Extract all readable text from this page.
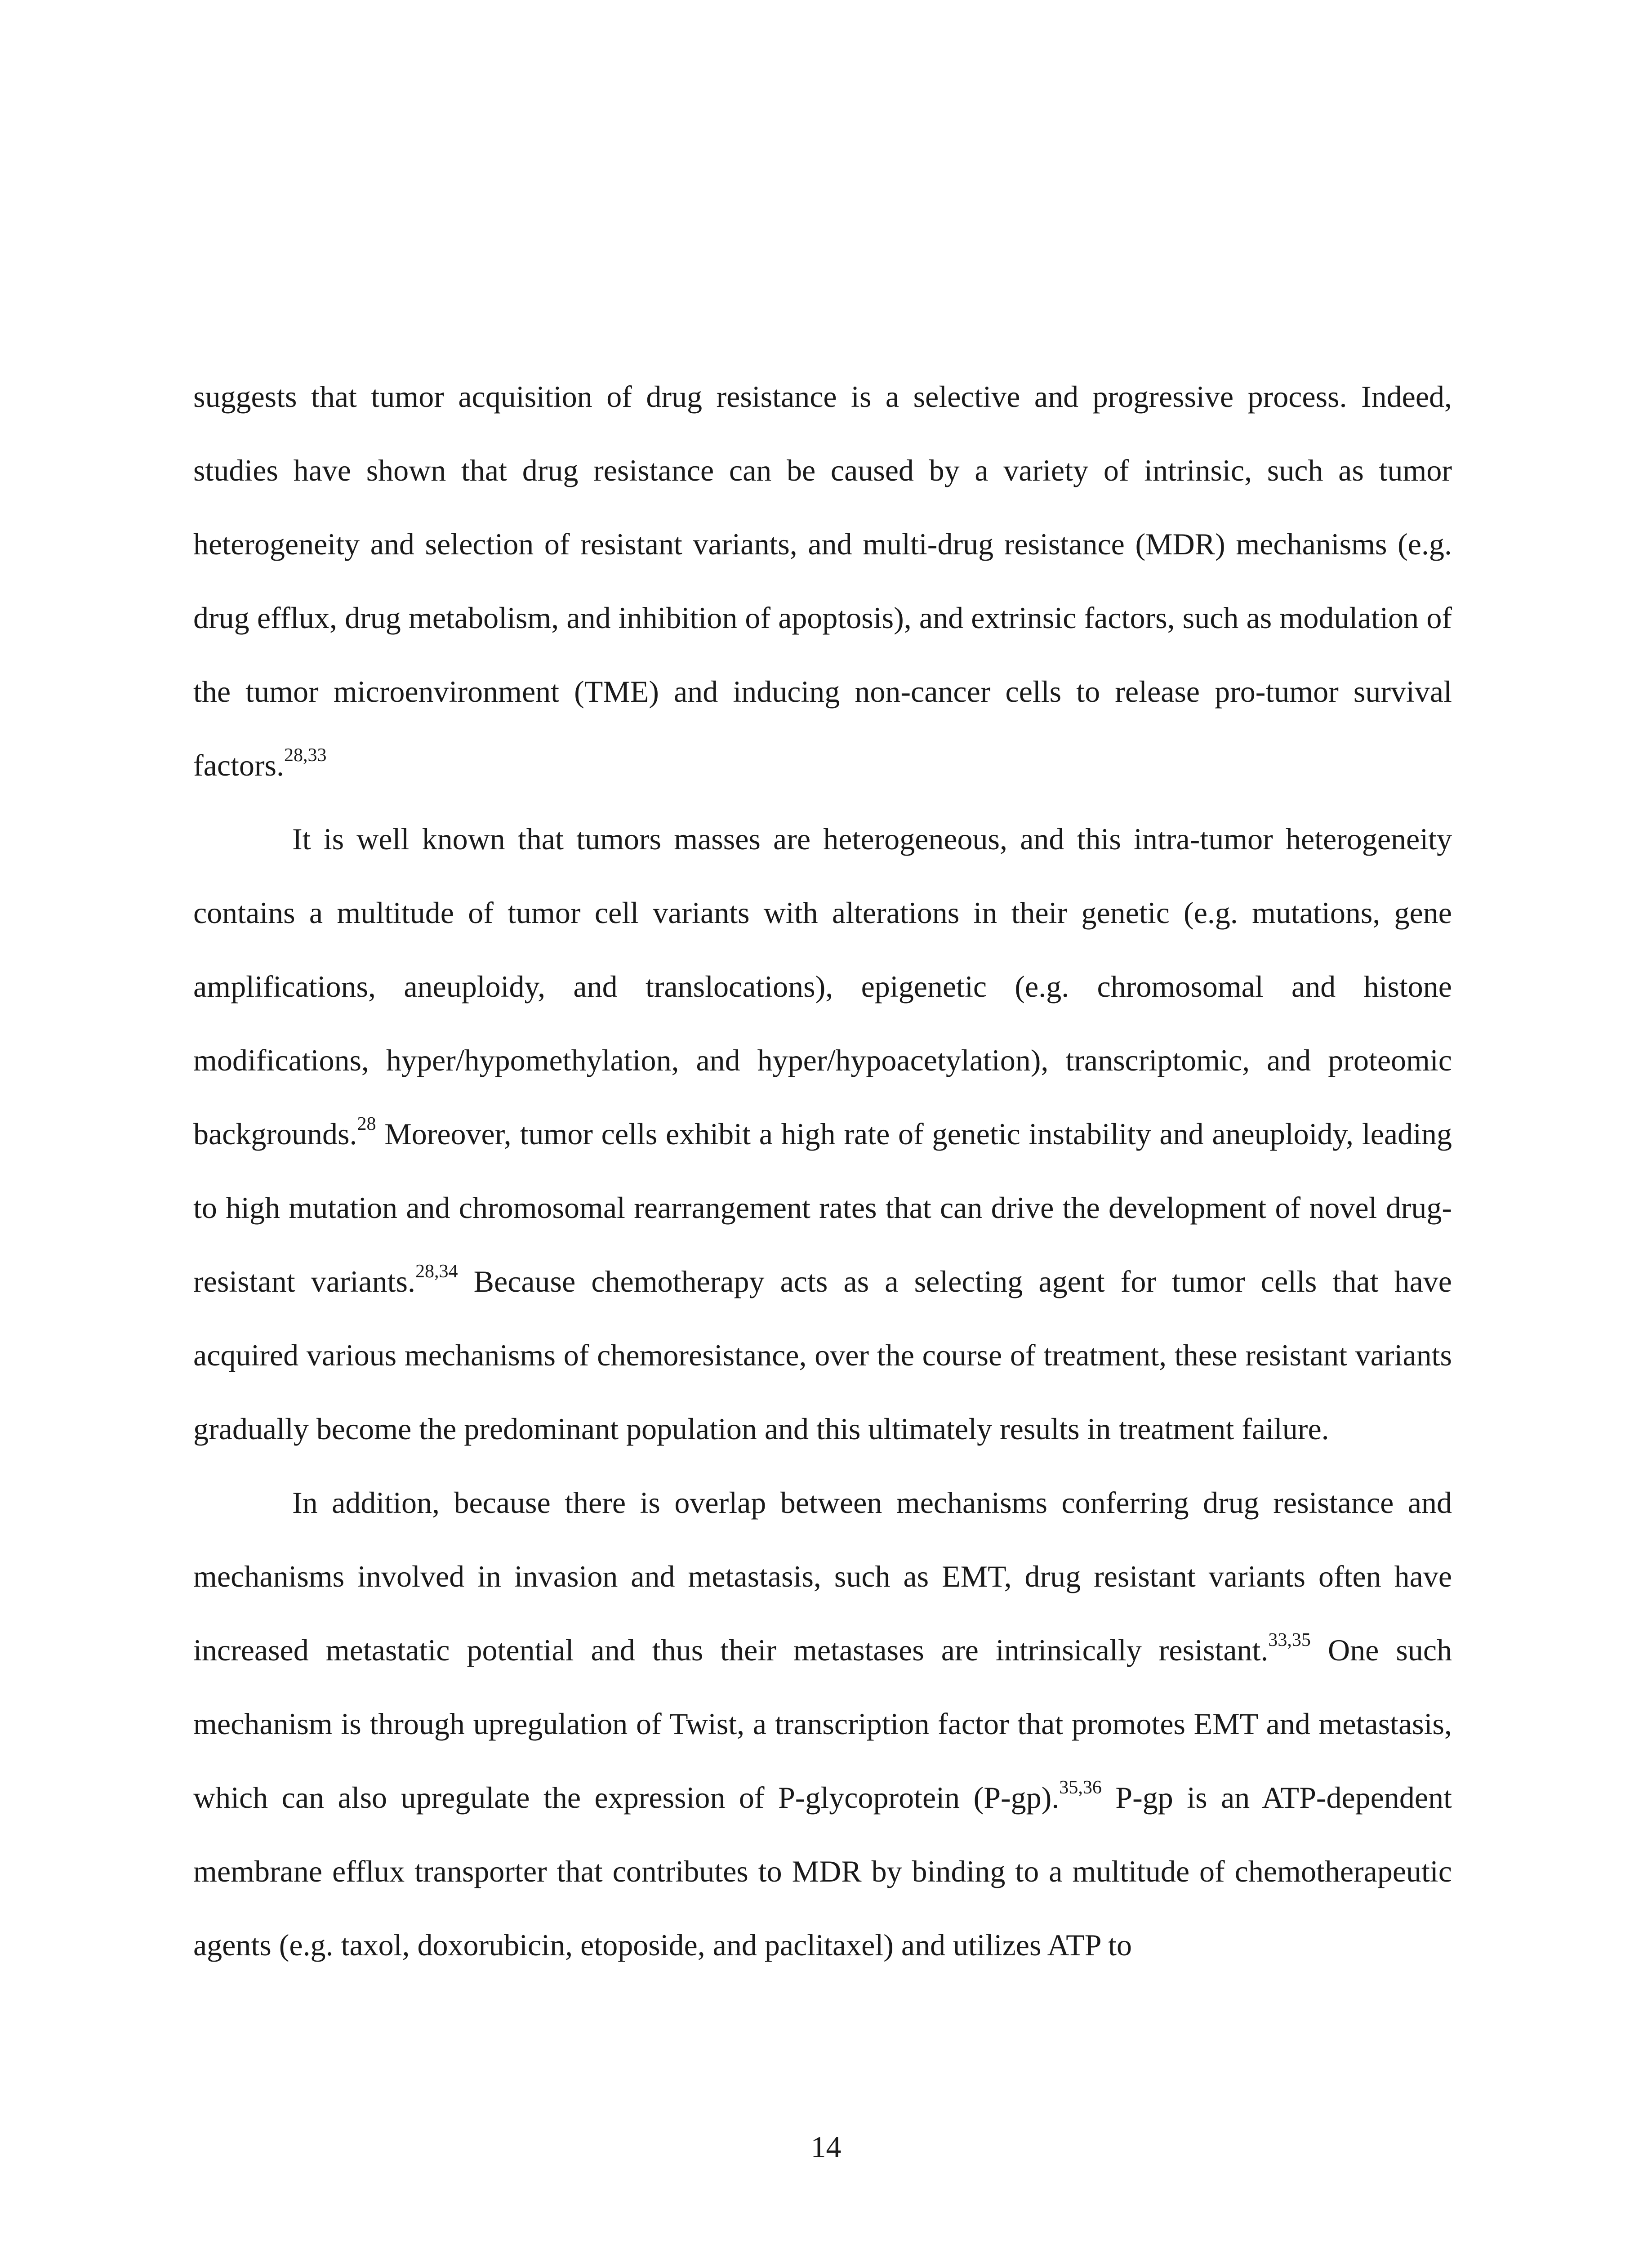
suggests that tumor acquisition of drug resistance is a selective and progressive process. Indeed, studies have shown that drug resistance can be caused by a variety of intrinsic, such as tumor heterogeneity and selection of resistant variants, and multi-drug resistance (MDR) mechanisms (e.g. drug efflux, drug metabolism, and inhibition of apoptosis), and extrinsic factors, such as modulation of the tumor microenvironment (TME) and inducing non-cancer cells to release pro-tumor survival factors.$^{28,33}$

It is well known that tumors masses are heterogeneous, and this intra-tumor heterogeneity contains a multitude of tumor cell variants with alterations in their genetic (e.g. mutations, gene amplifications, aneuploidy, and translocations), epigenetic (e.g. chromosomal and histone modifications, hyper/hypomethylation, and hyper/hypoacetylation), transcriptomic, and proteomic backgrounds.$^{28}$ Moreover, tumor cells exhibit a high rate of genetic instability and aneuploidy, leading to high mutation and chromosomal rearrangement rates that can drive the development of novel drug-resistant variants.$^{28,34}$ Because chemotherapy acts as a selecting agent for tumor cells that have acquired various mechanisms of chemoresistance, over the course of treatment, these resistant variants gradually become the predominant population and this ultimately results in treatment failure.

In addition, because there is overlap between mechanisms conferring drug resistance and mechanisms involved in invasion and metastasis, such as EMT, drug resistant variants often have increased metastatic potential and thus their metastases are intrinsically resistant.$^{33,35}$ One such mechanism is through upregulation of Twist, a transcription factor that promotes EMT and metastasis, which can also upregulate the expression of P-glycoprotein (P-gp).$^{35,36}$ P-gp is an ATP-dependent membrane efflux transporter that contributes to MDR by binding to a multitude of chemotherapeutic agents (e.g. taxol, doxorubicin, etoposide, and paclitaxel) and utilizes ATP to

14
